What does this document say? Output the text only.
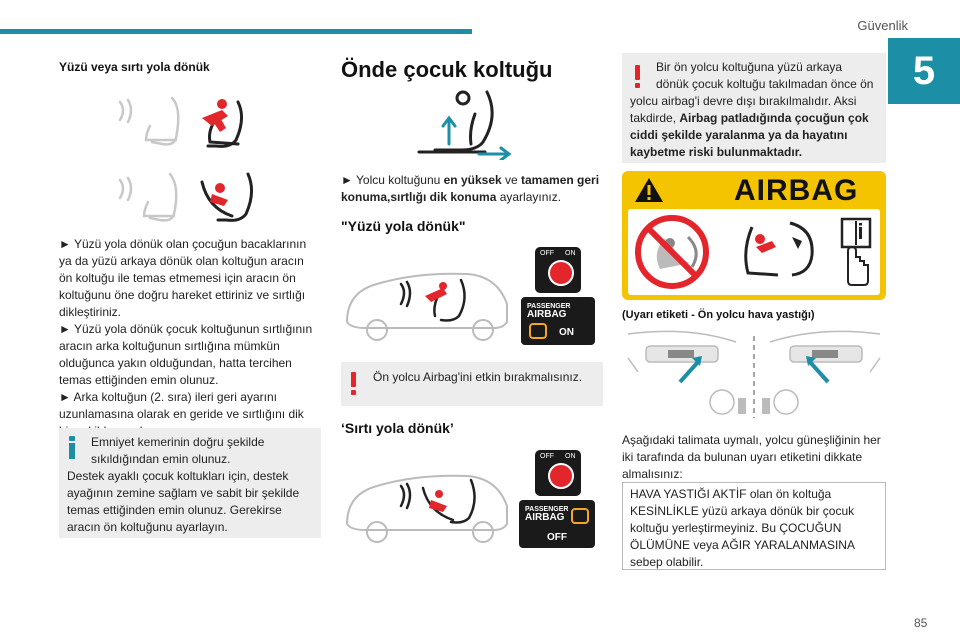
Güvenlik
5
85
Yüzü veya sırtı yola dönük
► Yüzü yola dönük olan çocuğun bacaklarının
ya da yüzü arkaya dönük olan koltuğun aracın
ön koltuğu ile temas etmemesi için aracın ön
koltuğunu öne doğru hareket ettiriniz ve sırtlığı
dikleştiriniz.
► Yüzü yola dönük çocuk koltuğunun sırtlığının
aracın arka koltuğunun sırtlığına mümkün
olduğunca yakın olduğundan, hatta tercihen
temas ettiğinden emin olunuz.
► Arka koltuğun (2. sıra) ileri geri ayarını
uzunlamasına olarak en geride ve sırtlığını dik
Emniyet kemerinin doğru şekilde
sıkıldığından emin olunuz.
Destek ayaklı çocuk koltukları için, destek
ayağının zemine sağlam ve sabit bir şekilde
temas ettiğinden emin olunuz. Gerekirse
aracın ön koltuğunu ayarlayın.
Önde çocuk koltuğu
► Yolcu koltuğunu en yüksek ve tamamen geri
konuma,sırtlığı dik konuma ayarlayınız.
"Yüzü yola dönük"
OFF ON
PASSENGER
AIRBAG
ON
Ön yolcu Airbag'ini etkin bırakmalısınız.
‘Sırtı yola dönük’
OFF ON
PASSENGER
AIRBAG
OFF
Bir ön yolcu koltuğuna yüzü arkaya
dönük çocuk koltuğu takılmadan önce ön
yolcu airbag'i devre dışı bırakılmalıdır. Aksi
takdirde, Airbag patladığında çocuğun çok
ciddi şekilde yaralanma ya da hayatını
kaybetme riski bulunmaktadır.
AIRBAG
(Uyarı etiketi - Ön yolcu hava yastığı)
Aşağıdaki talimata uymalı, yolcu güneşliğinin her
iki tarafında da bulunan uyarı etiketini dikkate
almalısınız:
HAVA YASTIĞI AKTİF olan ön koltuğa
KESİNLİKLE yüzü arkaya dönük bir çocuk
koltuğu yerleştirmeyiniz. Bu ÇOCUĞUN
ÖLÜMÜNE veya AĞIR YARALANMASINA
sebep olabilir.
